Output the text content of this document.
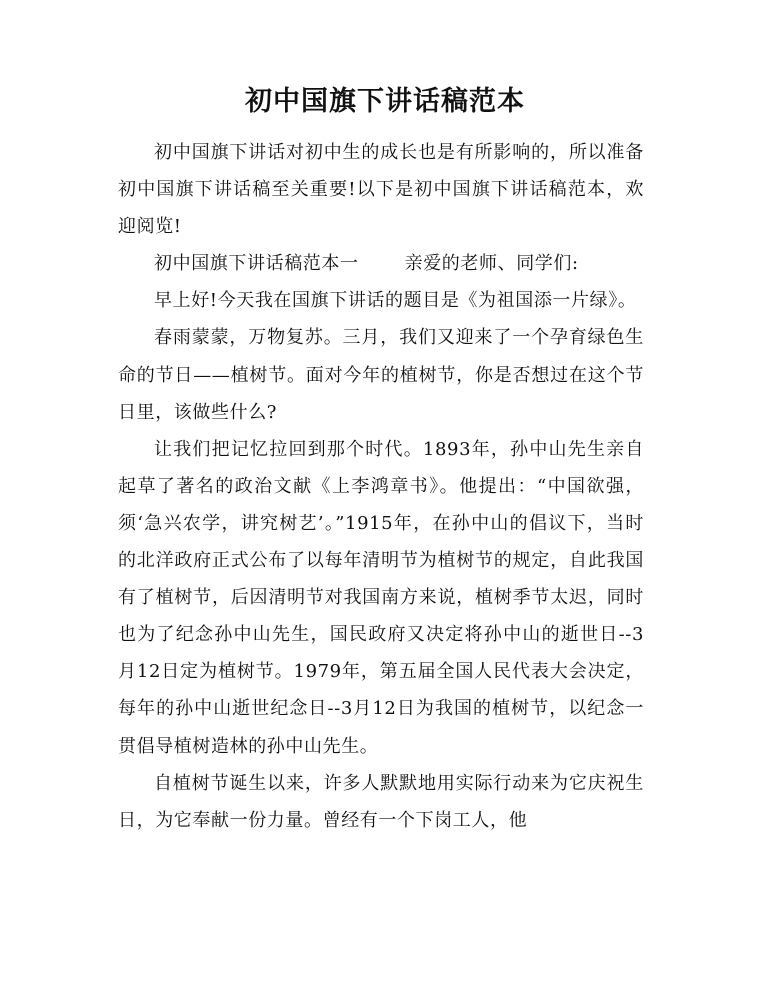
初中国旗下讲话稿范本

初中国旗下讲话对初中生的成长也是有所影响的，所以准备初中国旗下讲话稿至关重要!以下是初中国旗下讲话稿范本，欢迎阅览!

初中国旗下讲话稿范本一	亲爱的老师、同学们:

早上好!今天我在国旗下讲话的题目是《为祖国添一片绿》。

春雨蒙蒙，万物复苏。三月，我们又迎来了一个孕育绿色生命的节日——植树节。面对今年的植树节，你是否想过在这个节日里，该做些什么?

让我们把记忆拉回到那个时代。1893年，孙中山先生亲自起草了著名的政治文献《上李鸿章书》。他提出：“中国欲强，须‘急兴农学，讲究树艺’。”1915年，在孙中山的倡议下，当时的北洋政府正式公布了以每年清明节为植树节的规定，自此我国有了植树节，后因清明节对我国南方来说，植树季节太迟，同时也为了纪念孙中山先生，国民政府又决定将孙中山的逝世日--3月12日定为植树节。1979年，第五届全国人民代表大会决定，每年的孙中山逝世纪念日--3月12日为我国的植树节，以纪念一贯倡导植树造林的孙中山先生。

自植树节诞生以来，许多人默默地用实际行动来为它庆祝生日，为它奉献一份力量。曾经有一个下岗工人，他
